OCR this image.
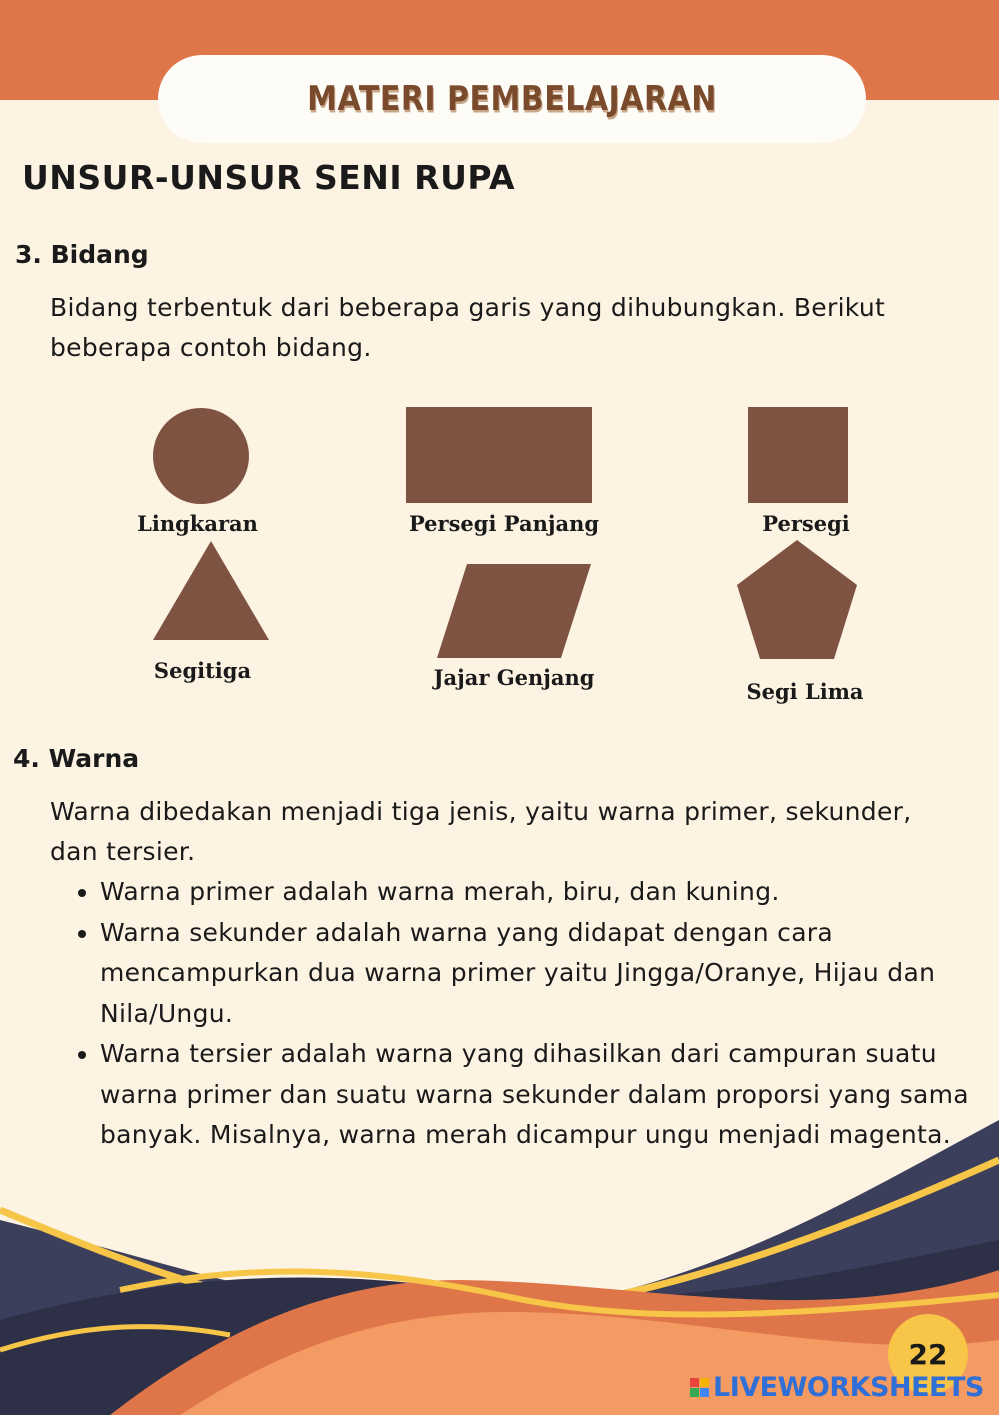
MATERI PEMBELAJARAN
UNSUR-UNSUR SENI RUPA
3. Bidang
Bidang terbentuk dari beberapa garis yang dihubungkan. Berikut
beberapa contoh bidang.
Lingkaran	Persegi Panjang	Persegi
Segitiga	Jajar Genjang
Segi Lima
4. Warna
Warna dibedakan menjadi tiga jenis, yaitu warna primer, sekunder,
dan tersier.
• Warna primer adalah warna merah, biru, dan kuning.
• Warna sekunder adalah warna yang didapat dengan cara mencampurkan dua warna primer yaitu Jingga/Oranye, Hijau dan Nila/Ungu.
• Warna tersier adalah warna yang dihasilkan dari campuran suatu warna primer dan suatu warna sekunder dalam proporsi yang sama banyak. Misalnya, warna merah dicampur ungu menjadi magenta.
22
LIVEWORKSHEETS
